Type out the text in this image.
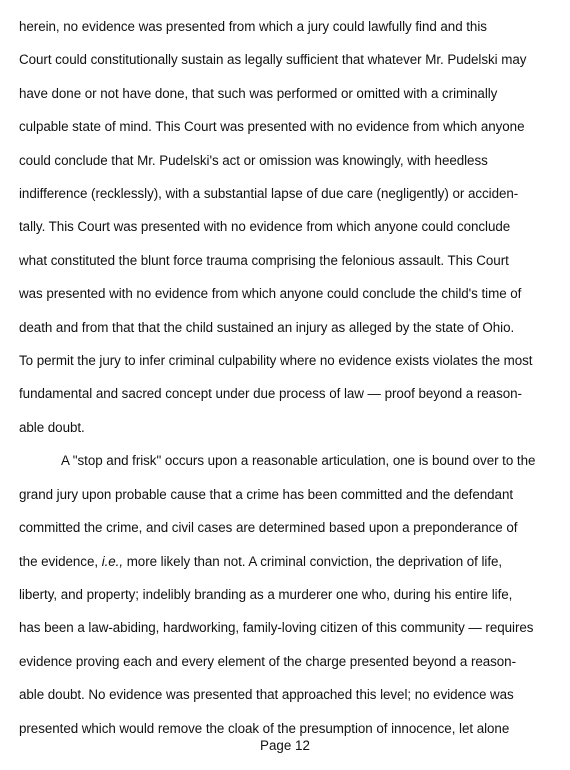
herein, no evidence was presented from which a jury could lawfully find and this
Court could constitutionally sustain as legally sufficient that whatever Mr. Pudelski may
have done or not have done, that such was performed or omitted with a criminally
culpable state of mind. This Court was presented with no evidence from which anyone
could conclude that Mr. Pudelski's act or omission was knowingly, with heedless
indifference (recklessly), with a substantial lapse of due care (negligently) or acciden-
tally. This Court was presented with no evidence from which anyone could conclude
what constituted the blunt force trauma comprising the felonious assault. This Court
was presented with no evidence from which anyone could conclude the child's time of
death and from that that the child sustained an injury as alleged by the state of Ohio.
To permit the jury to infer criminal culpability where no evidence exists violates the most
fundamental and sacred concept under due process of law — proof beyond a reason-
able doubt.
A "stop and frisk" occurs upon a reasonable articulation, one is bound over to the
grand jury upon probable cause that a crime has been committed and the defendant
committed the crime, and civil cases are determined based upon a preponderance of
the evidence, i.e., more likely than not. A criminal conviction, the deprivation of life,
liberty, and property; indelibly branding as a murderer one who, during his entire life,
has been a law-abiding, hardworking, family-loving citizen of this community — requires
evidence proving each and every element of the charge presented beyond a reason-
able doubt. No evidence was presented that approached this level; no evidence was
presented which would remove the cloak of the presumption of innocence, let alone
Page 12
